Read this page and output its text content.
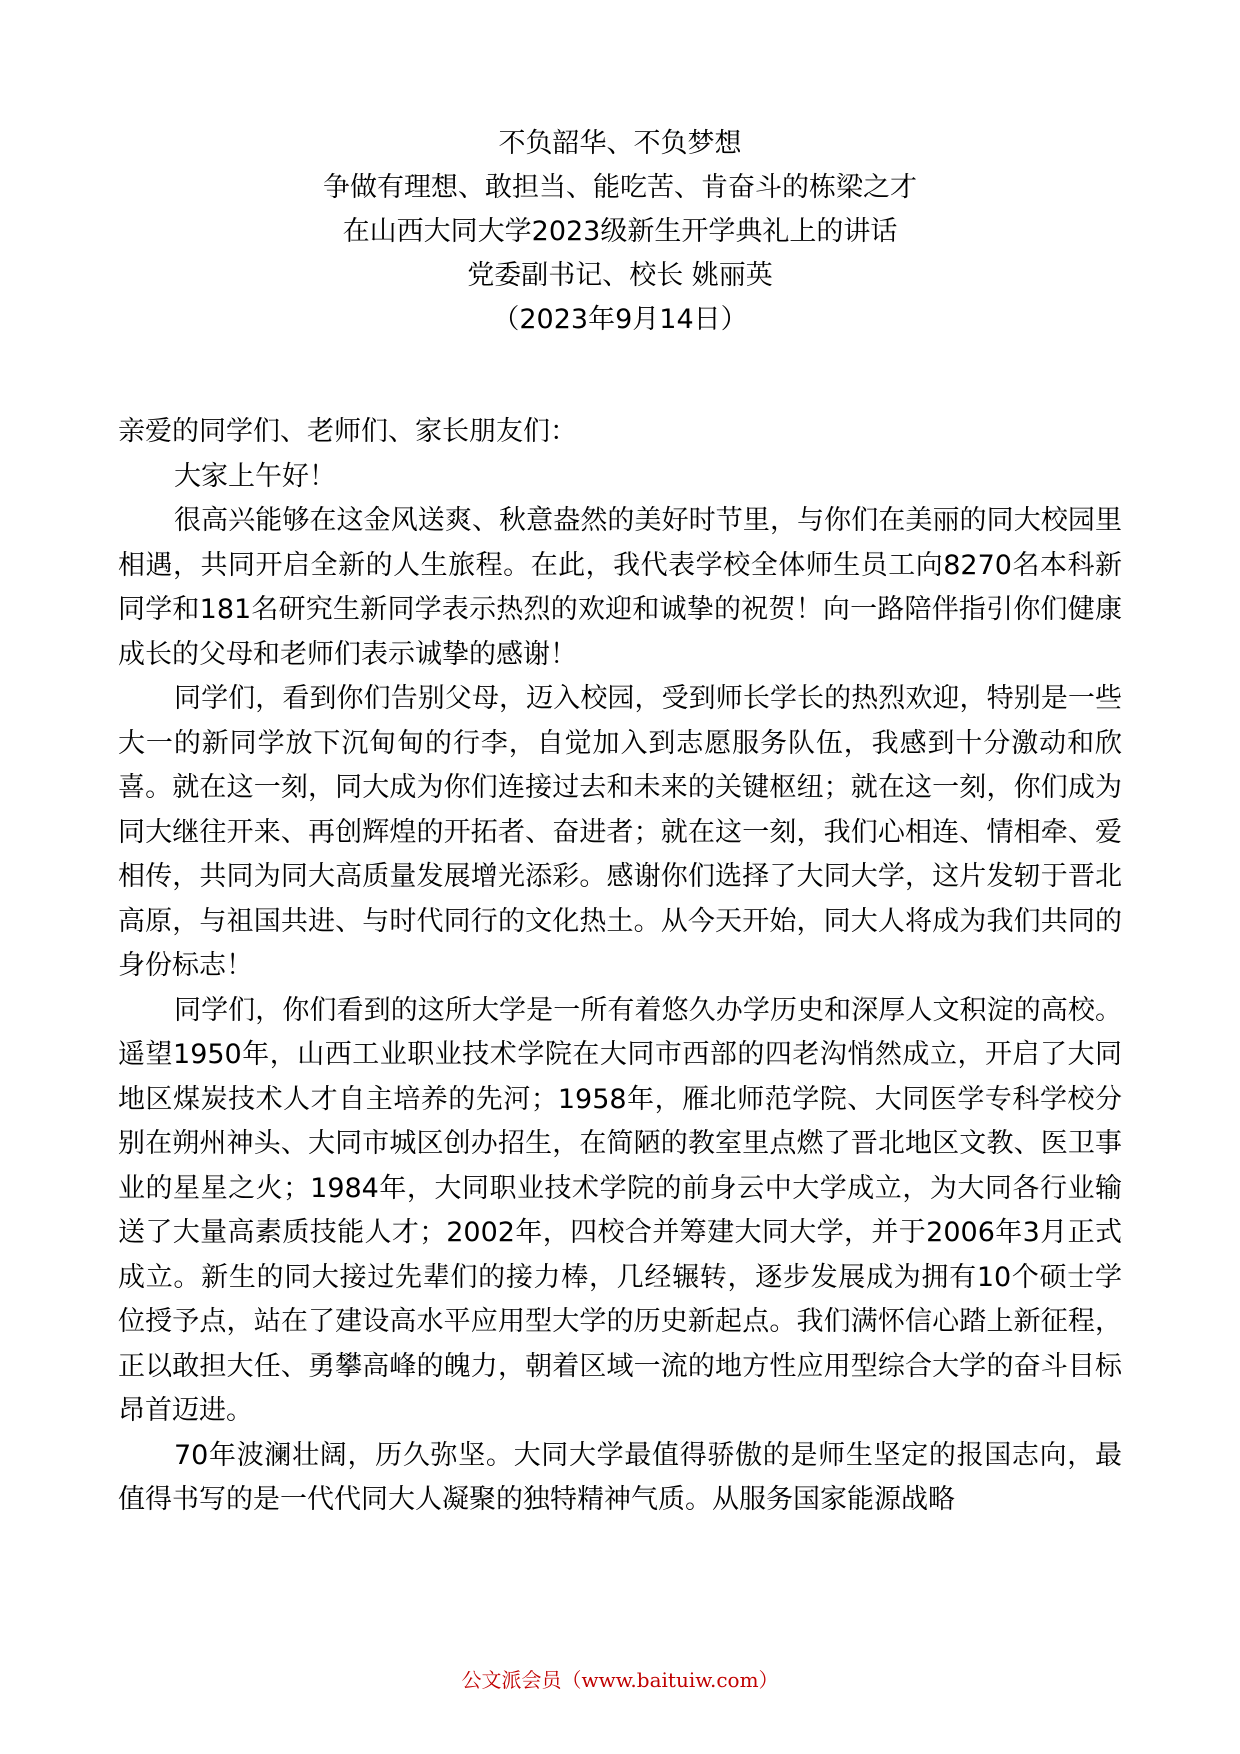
不负韶华、不负梦想
争做有理想、敢担当、能吃苦、肯奋斗的栋梁之才
在山西大同大学2023级新生开学典礼上的讲话
党委副书记、校长 姚丽英
（2023年9月14日）
亲爱的同学们、老师们、家长朋友们：

大家上午好！

很高兴能够在这金风送爽、秋意盎然的美好时节里，与你们在美丽的同大校园里相遇，共同开启全新的人生旅程。在此，我代表学校全体师生员工向8270名本科新同学和181名研究生新同学表示热烈的欢迎和诚挚的祝贺！向一路陪伴指引你们健康成长的父母和老师们表示诚挚的感谢！

同学们，看到你们告别父母，迈入校园，受到师长学长的热烈欢迎，特别是一些大一的新同学放下沉甸甸的行李，自觉加入到志愿服务队伍，我感到十分激动和欣喜。就在这一刻，同大成为你们连接过去和未来的关键枢纽；就在这一刻，你们成为同大继往开来、再创辉煌的开拓者、奋进者；就在这一刻，我们心相连、情相牵、爱相传，共同为同大高质量发展增光添彩。感谢你们选择了大同大学，这片发轫于晋北高原，与祖国共进、与时代同行的文化热土。从今天开始，同大人将成为我们共同的身份标志！

同学们，你们看到的这所大学是一所有着悠久办学历史和深厚人文积淀的高校。遥望1950年，山西工业职业技术学院在大同市西部的四老沟悄然成立，开启了大同地区煤炭技术人才自主培养的先河；1958年，雁北师范学院、大同医学专科学校分别在朔州神头、大同市城区创办招生，在简陋的教室里点燃了晋北地区文教、医卫事业的星星之火；1984年，大同职业技术学院的前身云中大学成立，为大同各行业输送了大量高素质技能人才；2002年，四校合并筹建大同大学，并于2006年3月正式成立。新生的同大接过先辈们的接力棒，几经辗转，逐步发展成为拥有10个硕士学位授予点，站在了建设高水平应用型大学的历史新起点。我们满怀信心踏上新征程，正以敢担大任、勇攀高峰的魄力，朝着区域一流的地方性应用型综合大学的奋斗目标昂首迈进。

70年波澜壮阔，历久弥坚。大同大学最值得骄傲的是师生坚定的报国志向，最值得书写的是一代代同大人凝聚的独特精神气质。从服务国家能源战略

公文派会员（www.baituiw.com）
